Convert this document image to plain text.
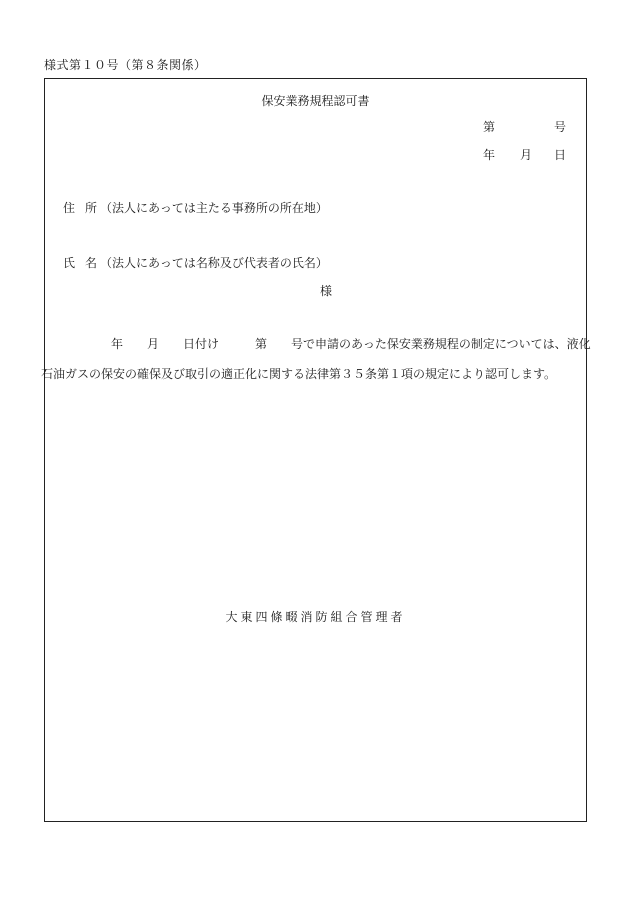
様式第１０号（第８条関係）
保安業務規程認可書
第	号
年 月 日
住所
（法人にあっては主たる事務所の所在地）
氏名
（法人にあっては名称及び代表者の氏名）
様
年 月 日付け	第 号で申請のあった保安業務規程の制定については、液化
石油ガスの保安の確保及び取引の適正化に関する法律第３５条第１項の規定により認可します。
大東四條畷消防組合管理者
